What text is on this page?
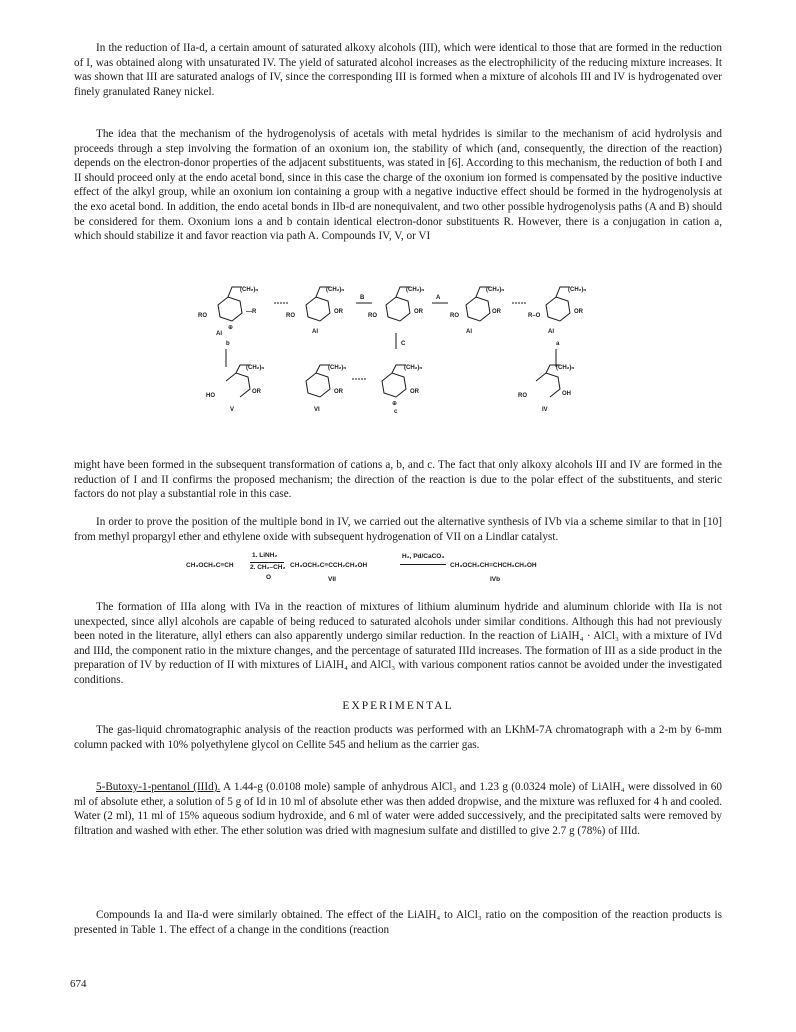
In the reduction of IIa-d, a certain amount of saturated alkoxy alcohols (III), which were identical to those that are formed in the reduction of I, was obtained along with unsaturated IV. The yield of saturated alcohol increases as the electrophilicity of the reducing mixture increases. It was shown that III are saturated analogs of IV, since the corresponding III is formed when a mixture of alcohols III and IV is hydrogenated over finely granulated Raney nickel.

The idea that the mechanism of the hydrogenolysis of acetals with metal hydrides is similar to the mechanism of acid hydrolysis and proceeds through a step involving the formation of an oxonium ion, the stability of which (and, consequently, the direction of the reaction) depends on the electron-donor properties of the adjacent substituents, was stated in [6]. According to this mechanism, the reduction of both I and II should proceed only at the endo acetal bond, since in this case the charge of the oxonium ion formed is compensated by the positive inductive effect of the alkyl group, while an oxonium ion containing a group with a negative inductive effect should be formed in the hydrogenolysis at the exo acetal bond. In addition, the endo acetal bonds in IIb-d are nonequivalent, and two other possible hydrogenolysis paths (A and B) should be considered for them. Oxonium ions a and b contain identical electron-donor substituents R. However, there is a conjugation in cation a, which should stabilize it and favor reaction via path A. Compounds IV, V, or VI

(CH₂)ₙ
RO
—R
⊕
Al
b
(CH₂)ₙ
RO
OR
Al
B
(CH₂)ₙ
RO
OR
C
A
(CH₂)ₙ
RO
OR
Al
(CH₂)ₙ
R–O
OR
Al
a
(CH₂)ₙ
HO
OR
V
(CH₂)ₙ
OR
VI
(CH₂)ₙ
OR
⊕
c
(CH₂)ₙ
RO	OH
IV

might have been formed in the subsequent transformation of cations a, b, and c. The fact that only alkoxy alcohols III and IV are formed in the reduction of I and II confirms the proposed mechanism; the direction of the reaction is due to the polar effect of the substituents, and steric factors do not play a substantial role in this case.

In order to prove the position of the multiple bond in IV, we carried out the alternative synthesis of IVb via a scheme similar to that in [10] from methyl propargyl ether and ethylene oxide with subsequent hydrogenation of VII on a Lindlar catalyst.

CH₃OCH₂C≡CH
1. LiNH₂
2. CH₂–CH₂
O
CH₃OCH₂C≡CCH₂CH₂OH
VII
H₂, Pd/CaCO₃
CH₃OCH₂CH=CHCH₂CH₂OH
IVb

The formation of IIIa along with IVa in the reaction of mixtures of lithium aluminum hydride and aluminum chloride with IIa is not unexpected, since allyl alcohols are capable of being reduced to saturated alcohols under similar conditions. Although this had not previously been noted in the literature, allyl ethers can also apparently undergo similar reduction. In the reaction of LiAlH₄ · AlCl₃ with a mixture of IVd and IIId, the component ratio in the mixture changes, and the percentage of saturated IIId increases. The formation of III as a side product in the preparation of IV by reduction of II with mixtures of LiAlH₄ and AlCl₃ with various component ratios cannot be avoided under the investigated conditions.

EXPERIMENTAL

The gas-liquid chromatographic analysis of the reaction products was performed with an LKhM-7A chromatograph with a 2-m by 6-mm column packed with 10% polyethylene glycol on Cellite 545 and helium as the carrier gas.

5-Butoxy-1-pentanol (IIId). A 1.44-g (0.0108 mole) sample of anhydrous AlCl₃ and 1.23 g (0.0324 mole) of LiAlH₄ were dissolved in 60 ml of absolute ether, a solution of 5 g of Id in 10 ml of absolute ether was then added dropwise, and the mixture was refluxed for 4 h and cooled. Water (2 ml), 11 ml of 15% aqueous sodium hydroxide, and 6 ml of water were added successively, and the precipitated salts were removed by filtration and washed with ether. The ether solution was dried with magnesium sulfate and distilled to give 2.7 g (78%) of IIId.

Compounds Ia and IIa-d were similarly obtained. The effect of the LiAlH₄ to AlCl₃ ratio on the composition of the reaction products is presented in Table 1. The effect of a change in the conditions (reaction

674
